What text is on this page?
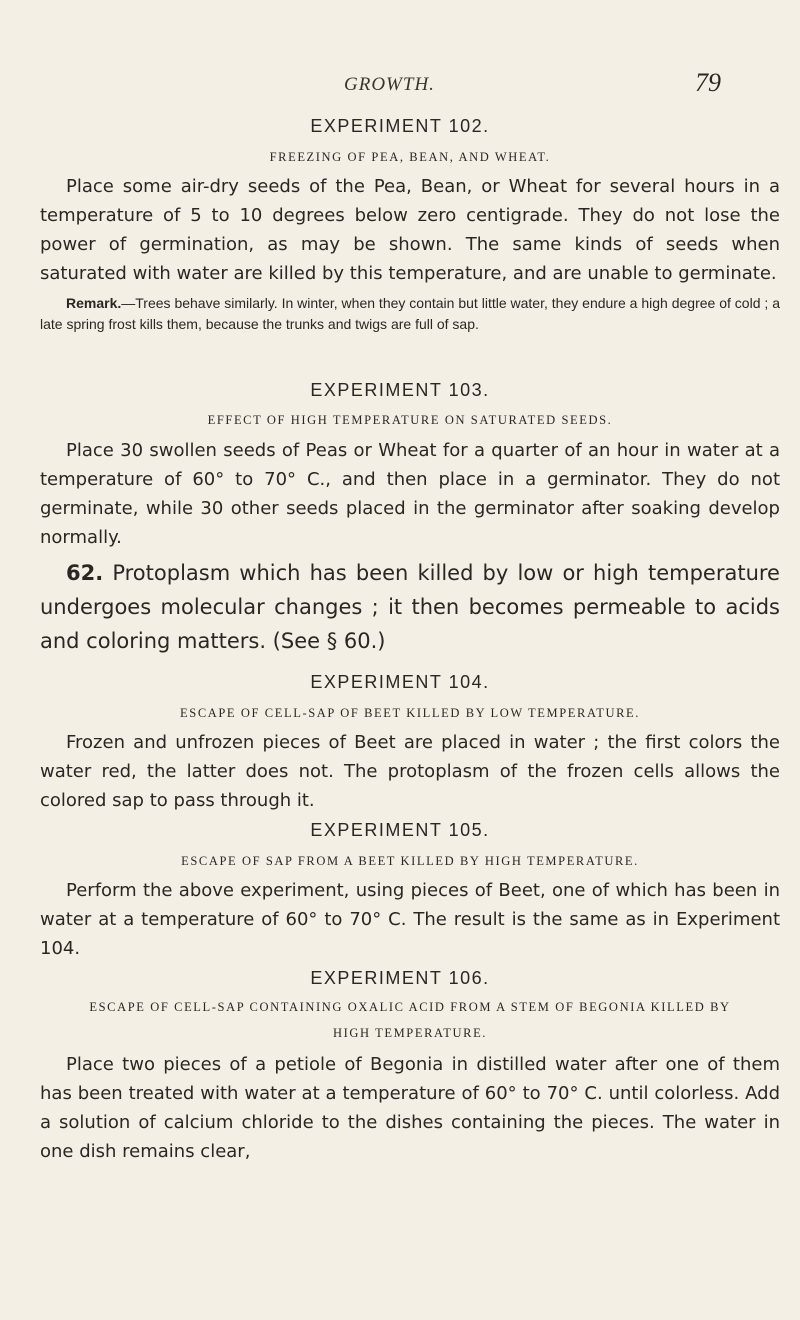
GROWTH.	79
EXPERIMENT 102.
FREEZING OF PEA, BEAN, AND WHEAT.

Place some air-dry seeds of the Pea, Bean, or Wheat for several hours in a temperature of 5 to 10 degrees below zero centigrade. They do not lose the power of germination, as may be shown. The same kinds of seeds when saturated with water are killed by this temperature, and are unable to germinate.

Remark.—Trees behave similarly. In winter, when they contain but little water, they endure a high degree of cold ; a late spring frost kills them, because the trunks and twigs are full of sap.

EXPERIMENT 103.
EFFECT OF HIGH TEMPERATURE ON SATURATED SEEDS.

Place 30 swollen seeds of Peas or Wheat for a quarter of an hour in water at a temperature of 60° to 70° C., and then place in a germinator. They do not germinate, while 30 other seeds placed in the germinator after soaking develop normally.

62. Protoplasm which has been killed by low or high temperature undergoes molecular changes ; it then becomes permeable to acids and coloring matters. (See § 60.)

EXPERIMENT 104.
ESCAPE OF CELL-SAP OF BEET KILLED BY LOW TEMPERATURE.

Frozen and unfrozen pieces of Beet are placed in water ; the first colors the water red, the latter does not. The protoplasm of the frozen cells allows the colored sap to pass through it.

EXPERIMENT 105.
ESCAPE OF SAP FROM A BEET KILLED BY HIGH TEMPERATURE.

Perform the above experiment, using pieces of Beet, one of which has been in water at a temperature of 60° to 70° C. The result is the same as in Experiment 104.

EXPERIMENT 106.
ESCAPE OF CELL-SAP CONTAINING OXALIC ACID FROM A STEM OF BEGONIA KILLED BY HIGH TEMPERATURE.

Place two pieces of a petiole of Begonia in distilled water after one of them has been treated with water at a temperature of 60° to 70° C. until colorless. Add a solution of calcium chloride to the dishes containing the pieces. The water in one dish remains clear,
